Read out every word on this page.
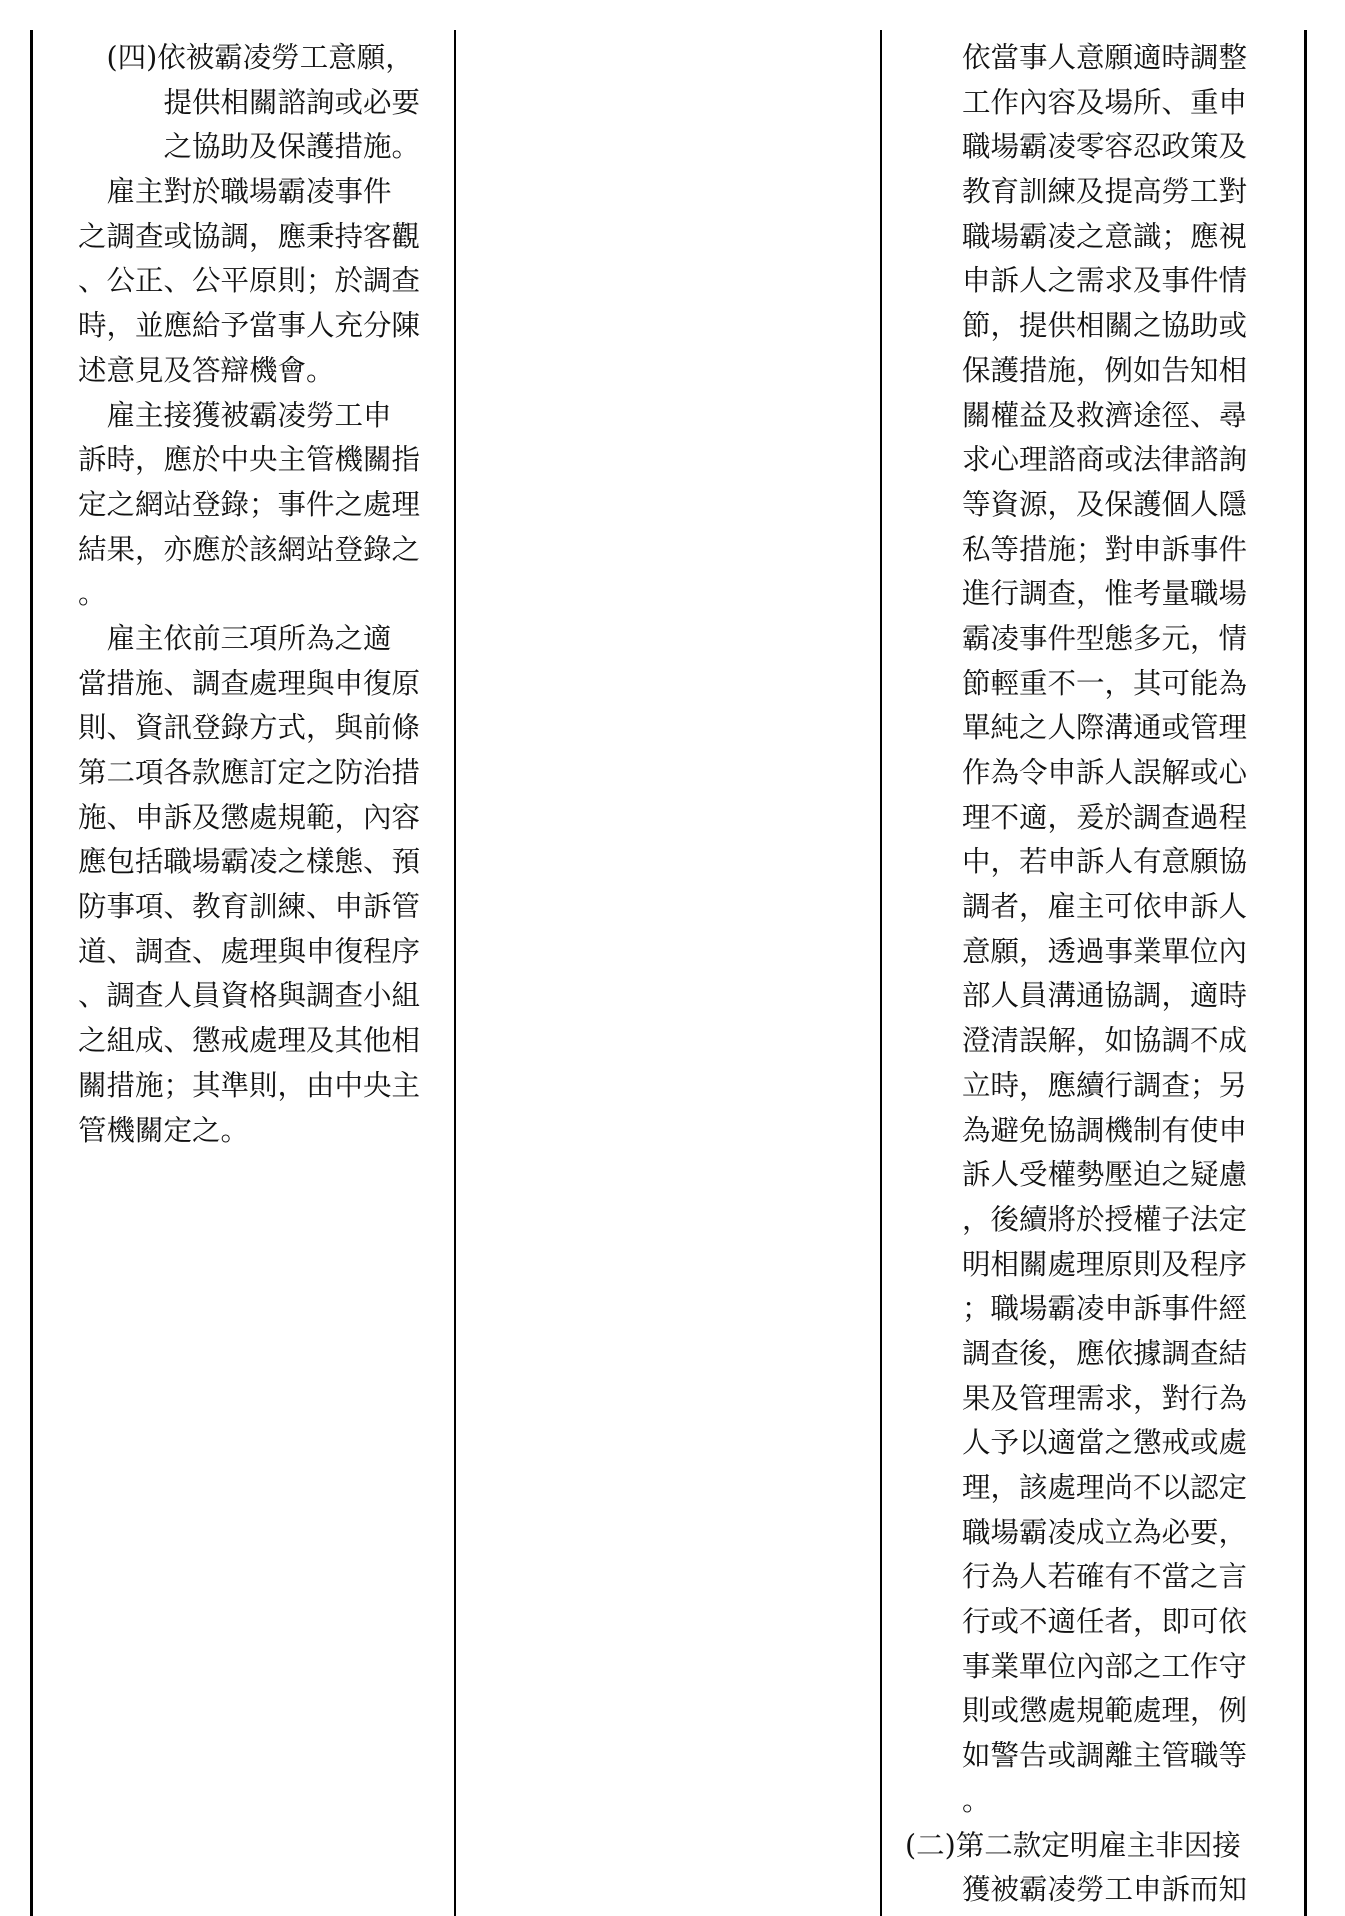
　(四)依被霸凌勞工意願，
　　　提供相關諮詢或必要
　　　之協助及保護措施。
　雇主對於職場霸凌事件
之調查或協調，應秉持客觀
、公正、公平原則；於調查
時，並應給予當事人充分陳
述意見及答辯機會。
　雇主接獲被霸凌勞工申
訴時，應於中央主管機關指
定之網站登錄；事件之處理
結果，亦應於該網站登錄之
。
　雇主依前三項所為之適
當措施、調查處理與申復原
則、資訊登錄方式，與前條
第二項各款應訂定之防治措
施、申訴及懲處規範，內容
應包括職場霸凌之樣態、預
防事項、教育訓練、申訴管
道、調查、處理與申復程序
、調查人員資格與調查小組
之組成、懲戒處理及其他相
關措施；其準則，由中央主
管機關定之。
　　依當事人意願適時調整
　　工作內容及場所、重申
　　職場霸凌零容忍政策及
　　教育訓練及提高勞工對
　　職場霸凌之意識；應視
　　申訴人之需求及事件情
　　節，提供相關之協助或
　　保護措施，例如告知相
　　關權益及救濟途徑、尋
　　求心理諮商或法律諮詢
　　等資源，及保護個人隱
　　私等措施；對申訴事件
　　進行調查，惟考量職場
　　霸凌事件型態多元，情
　　節輕重不一，其可能為
　　單純之人際溝通或管理
　　作為令申訴人誤解或心
　　理不適，爰於調查過程
　　中，若申訴人有意願協
　　調者，雇主可依申訴人
　　意願，透過事業單位內
　　部人員溝通協調，適時
　　澄清誤解，如協調不成
　　立時，應續行調查；另
　　為避免協調機制有使申
　　訴人受權勢壓迫之疑慮
　　，後續將於授權子法定
　　明相關處理原則及程序
　　；職場霸凌申訴事件經
　　調查後，應依據調查結
　　果及管理需求，對行為
　　人予以適當之懲戒或處
　　理，該處理尚不以認定
　　職場霸凌成立為必要，
　　行為人若確有不當之言
　　行或不適任者，即可依
　　事業單位內部之工作守
　　則或懲處規範處理，例
　　如警告或調離主管職等
　　。
(二)第二款定明雇主非因接
　　獲被霸凌勞工申訴而知
